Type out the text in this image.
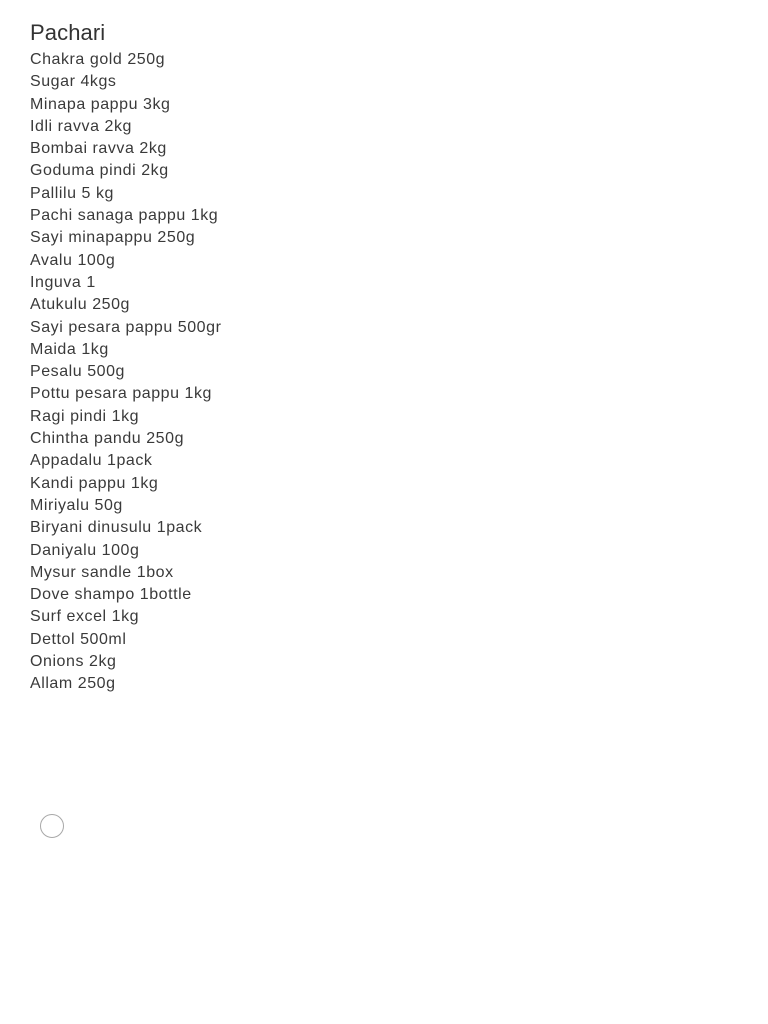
Pachari
Chakra gold 250g
Sugar 4kgs
Minapa pappu 3kg
Idli ravva 2kg
Bombai ravva 2kg
Goduma pindi 2kg
Pallilu 5 kg
Pachi sanaga pappu 1kg
Sayi minapappu 250g
Avalu 100g
Inguva 1
Atukulu 250g
Sayi pesara pappu 500gr
Maida 1kg
Pesalu 500g
Pottu pesara pappu 1kg
Ragi pindi 1kg
Chintha pandu 250g
Appadalu 1pack
Kandi pappu 1kg
Miriyalu 50g
Biryani dinusulu 1pack
Daniyalu 100g
Mysur sandle 1box
Dove shampo 1bottle
Surf excel 1kg
Dettol 500ml
Onions 2kg
Allam 250g
